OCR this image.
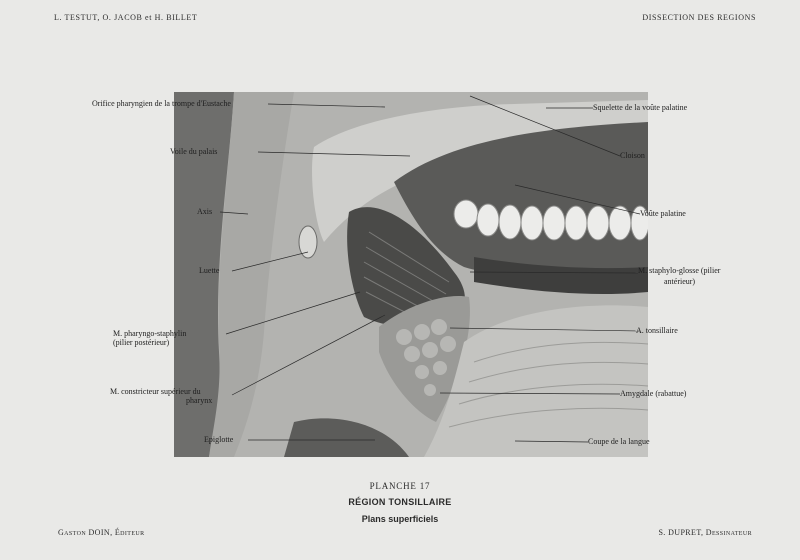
L. TESTUT, O. JACOB et H. BILLET	DISSECTION DES REGIONS
Orifice pharyngien de la trompe d'Eustache
Voile du palais
Axis
Luette
M. pharyngo-staphylin
(pilier postérieur)
M. constricteur supérieur du
pharynx
Epiglotte
Squelette de la voûte palatine
Cloison
Voûte palatine
M. staphylo-glosse (pilier
antérieur)
A. tonsillaire
Amygdale (rabattue)
Coupe de la langue
PLANCHE 17
RÉGION TONSILLAIRE
Plans superficiels
Gaston DOIN, Éditeur	S. DUPRET, Dessinateur
